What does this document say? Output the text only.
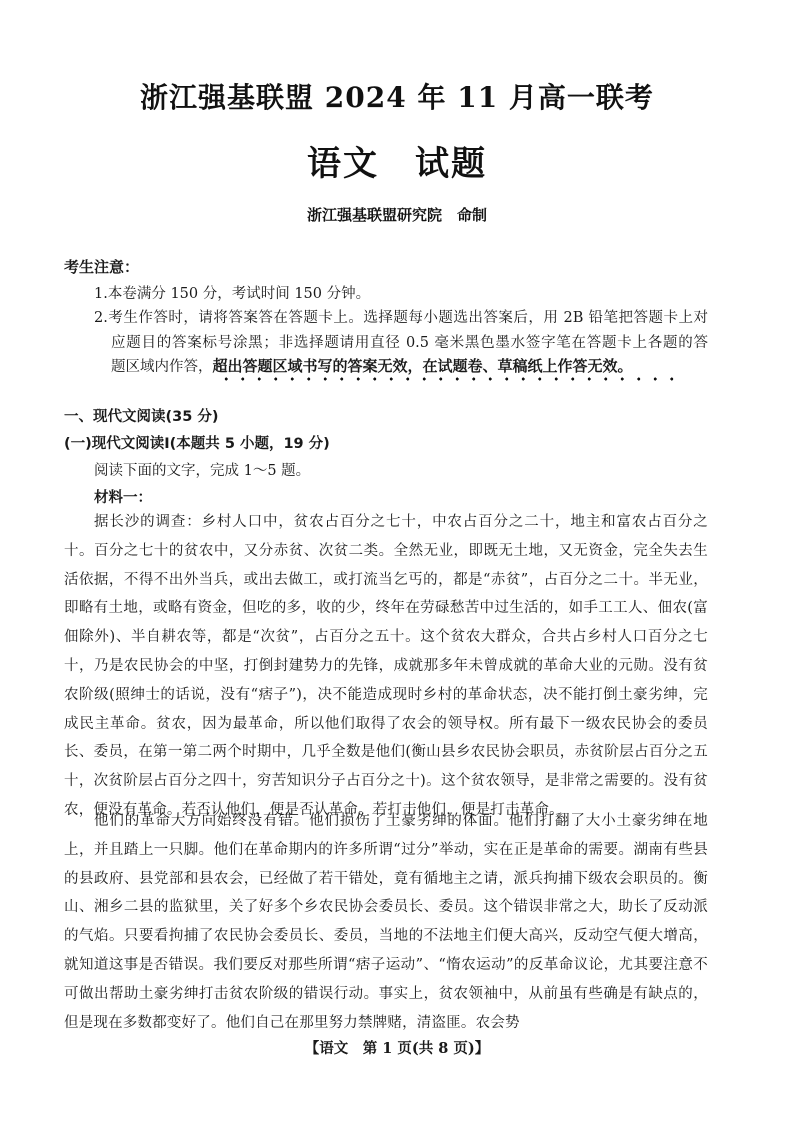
浙江强基联盟 2024 年 11 月高一联考
语文　试题
浙江强基联盟研究院　命制
考生注意：
1.本卷满分 150 分，考试时间 150 分钟。
2.考生作答时，请将答案答在答题卡上。选择题每小题选出答案后，用 2B 铅笔把答题卡上对
应题目的答案标号涂黑；非选择题请用直径 0.5 毫米黑色墨水签字笔在答题卡上各题的答
题区域内作答，超出答题区域书写的答案无效，在试题卷、草稿纸上作答无效。
一、现代文阅读(35 分)
(一)现代文阅读Ⅰ(本题共 5 小题，19 分)
阅读下面的文字，完成 1～5 题。
材料一：
据长沙的调查：乡村人口中，贫农占百分之七十，中农占百分之二十，地主和富农占百分之十。百分之七十的贫农中，又分赤贫、次贫二类。全然无业，即既无土地，又无资金，完全失去生活依据，不得不出外当兵，或出去做工，或打流当乞丐的，都是“赤贫”，占百分之二十。半无业，即略有土地，或略有资金，但吃的多，收的少，终年在劳碌愁苦中过生活的，如手工工人、佃农(富佃除外)、半自耕农等，都是“次贫”，占百分之五十。这个贫农大群众，合共占乡村人口百分之七十，乃是农民协会的中坚，打倒封建势力的先锋，成就那多年未曾成就的革命大业的元勋。没有贫农阶级(照绅士的话说，没有“痞子”)，决不能造成现时乡村的革命状态，决不能打倒土豪劣绅，完成民主革命。贫农，因为最革命，所以他们取得了农会的领导权。所有最下一级农民协会的委员长、委员，在第一第二两个时期中，几乎全数是他们(衡山县乡农民协会职员，赤贫阶层占百分之五十，次贫阶层占百分之四十，穷苦知识分子占百分之十)。这个贫农领导，是非常之需要的。没有贫农，便没有革命。若否认他们，便是否认革命。若打击他们，便是打击革命。
他们的革命大方向始终没有错。他们损伤了土豪劣绅的体面。他们打翻了大小土豪劣绅在地上，并且踏上一只脚。他们在革命期内的许多所谓“过分”举动，实在正是革命的需要。湖南有些县的县政府、县党部和县农会，已经做了若干错处，竟有循地主之请，派兵拘捕下级农会职员的。衡山、湘乡二县的监狱里，关了好多个乡农民协会委员长、委员。这个错误非常之大，助长了反动派的气焰。只要看拘捕了农民协会委员长、委员，当地的不法地主们便大高兴，反动空气便大增高，就知道这事是否错误。我们要反对那些所谓“痞子运动”、“惰农运动”的反革命议论，尤其要注意不可做出帮助土豪劣绅打击贫农阶级的错误行动。事实上，贫农领袖中，从前虽有些确是有缺点的，但是现在多数都变好了。他们自己在那里努力禁牌赌，清盗匪。农会势
【语文　第 1 页(共 8 页)】
